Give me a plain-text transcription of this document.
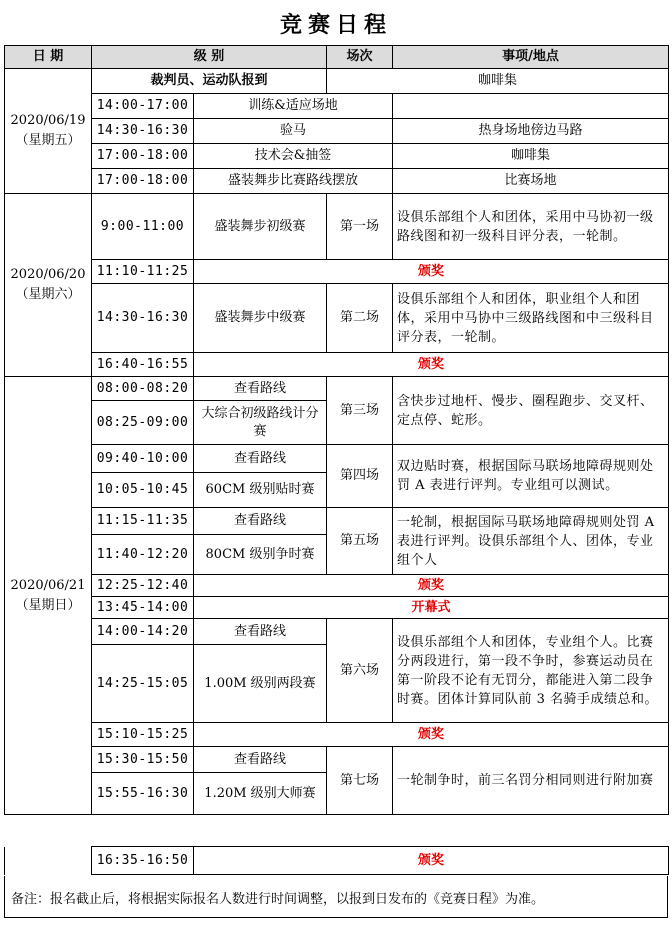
竞赛日程
日 期	级 别		场次	事项/地点
2020/06/19（星期五）	裁判员、运动队报到		咖啡集	
	14:00-17:00	训练&适应场地		
	14:30-16:30	验马		热身场地傍边马路
	17:00-18:00	技术会&抽签		咖啡集
	17:00-18:00	盛装舞步比赛路线摆放		比赛场地
2020/06/20（星期六）	9:00-11:00	盛装舞步初级赛	第一场	设俱乐部组个人和团体，采用中马协初一级路线图和初一级科目评分表，一轮制。
	11:10-11:25	颁奖		
	14:30-16:30	盛装舞步中级赛	第二场	设俱乐部组个人和团体，职业组个人和团体，采用中马协中三级路线图和中三级科目评分表，一轮制。
	16:40-16:55	颁奖		
2020/06/21（星期日）	08:00-08:20	查看路线	第三场	含快步过地杆、慢步、圈程跑步、交叉杆、定点停、蛇形。
	08:25-09:00	大综合初级路线计分赛		
	09:40-10:00	查看路线	第四场	双边贴时赛，根据国际马联场地障碍规则处罚 A 表进行评判。专业组可以测试。
	10:05-10:45	60CM 级别贴时赛		
	11:15-11:35	查看路线	第五场	一轮制，根据国际马联场地障碍规则处罚 A 表进行评判。设俱乐部组个人、团体，专业组个人
	11:40-12:20	80CM 级别争时赛		
	12:25-12:40	颁奖		
	13:45-14:00	开幕式		
	14:00-14:20	查看路线	第六场	设俱乐部组个人和团体，专业组个人。比赛分两段进行，第一段不争时，参赛运动员在第一阶段不论有无罚分，都能进入第二段争时赛。团体计算同队前 3 名骑手成绩总和。
	14:25-15:05	1.00M 级别两段赛		
	15:10-15:25	颁奖		
	15:30-15:50	查看路线	第七场	一轮制争时，前三名罚分相同则进行附加赛
	15:55-16:30	1.20M 级别大师赛		
	16:35-16:50	颁奖
备注：报名截止后，将根据实际报名人数进行时间调整，以报到日发布的《竞赛日程》为准。
